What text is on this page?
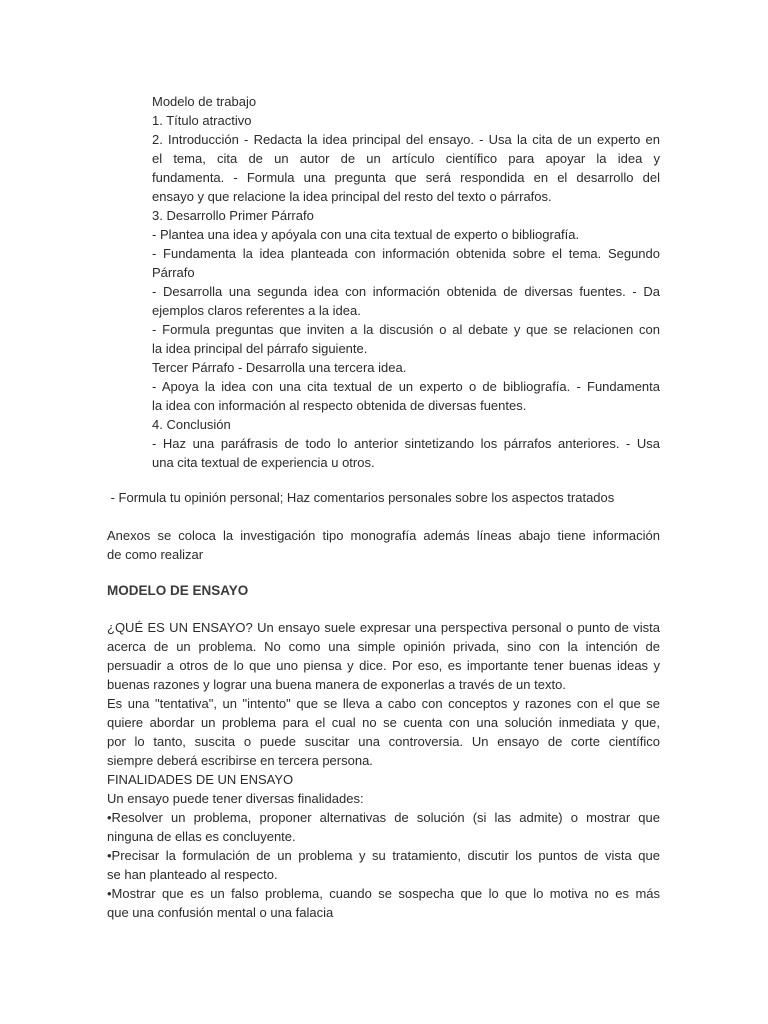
Modelo de trabajo
1. Título atractivo
2. Introducción - Redacta la idea principal del ensayo. - Usa la cita de un experto en
el tema, cita de un autor de un artículo científico para apoyar la idea y
fundamenta. - Formula una pregunta que será respondida en el desarrollo del
ensayo y que relacione la idea principal del resto del texto o párrafos.
3. Desarrollo Primer Párrafo
- Plantea una idea y apóyala con una cita textual de experto o bibliografía.
- Fundamenta la idea planteada con información obtenida sobre el tema. Segundo
Párrafo
- Desarrolla una segunda idea con información obtenida de diversas fuentes. - Da
ejemplos claros referentes a la idea.
- Formula preguntas que inviten a la discusión o al debate y que se relacionen con
la idea principal del párrafo siguiente.
Tercer Párrafo - Desarrolla una tercera idea.
- Apoya la idea con una cita textual de un experto o de bibliografía. - Fundamenta
la idea con información al respecto obtenida de diversas fuentes.
4. Conclusión
- Haz una paráfrasis de todo lo anterior sintetizando los párrafos anteriores. - Usa
una cita textual de experiencia u otros.
- Formula tu opinión personal; Haz comentarios personales sobre los aspectos tratados
Anexos se coloca la investigación tipo monografía además líneas abajo tiene información
de como realizar
MODELO DE ENSAYO
¿QUÉ ES UN ENSAYO? Un ensayo suele expresar una perspectiva personal o punto de vista
acerca de un problema. No como una simple opinión privada, sino con la intención de
persuadir a otros de lo que uno piensa y dice. Por eso, es importante tener buenas ideas y
buenas razones y lograr una buena manera de exponerlas a través de un texto.
Es una "tentativa", un "intento" que se lleva a cabo con conceptos y razones con el que se
quiere abordar un problema para el cual no se cuenta con una solución inmediata y que,
por lo tanto, suscita o puede suscitar una controversia. Un ensayo de corte científico
siempre deberá escribirse en tercera persona.
FINALIDADES DE UN ENSAYO
Un ensayo puede tener diversas finalidades:
•Resolver un problema, proponer alternativas de solución (si las admite) o mostrar que
ninguna de ellas es concluyente.
•Precisar la formulación de un problema y su tratamiento, discutir los puntos de vista que
se han planteado al respecto.
•Mostrar que es un falso problema, cuando se sospecha que lo que lo motiva no es más
que una confusión mental o una falacia
